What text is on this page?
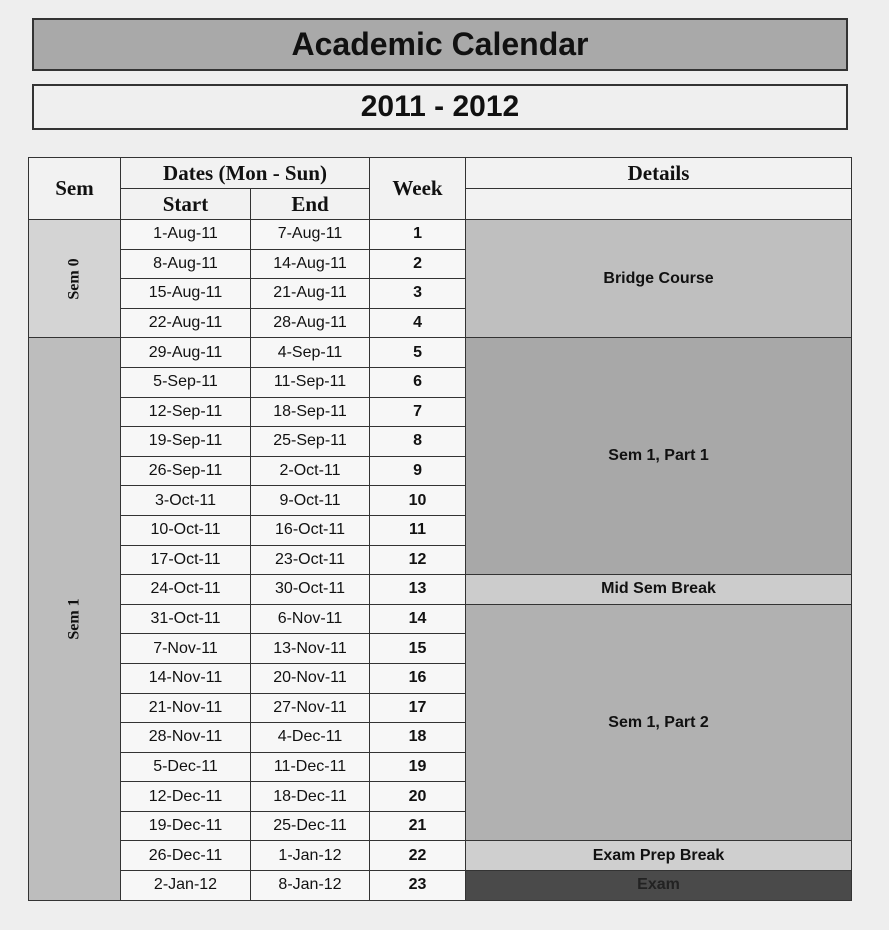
Academic Calendar
2011 - 2012
Sem	Dates (Mon - Sun)		Week	Details
	Start	End		
Sem 0	1-Aug-11	7-Aug-11	1	Bridge Course
	8-Aug-11	14-Aug-11	2	
	15-Aug-11	21-Aug-11	3	
	22-Aug-11	28-Aug-11	4	
Sem 1	29-Aug-11	4-Sep-11	5	Sem 1, Part 1
	5-Sep-11	11-Sep-11	6	
	12-Sep-11	18-Sep-11	7	
	19-Sep-11	25-Sep-11	8	
	26-Sep-11	2-Oct-11	9	
	3-Oct-11	9-Oct-11	10	
	10-Oct-11	16-Oct-11	11	
	17-Oct-11	23-Oct-11	12	
	24-Oct-11	30-Oct-11	13	Mid Sem Break
	31-Oct-11	6-Nov-11	14	Sem 1, Part 2
	7-Nov-11	13-Nov-11	15	
	14-Nov-11	20-Nov-11	16	
	21-Nov-11	27-Nov-11	17	
	28-Nov-11	4-Dec-11	18	
	5-Dec-11	11-Dec-11	19	
	12-Dec-11	18-Dec-11	20	
	19-Dec-11	25-Dec-11	21	
	26-Dec-11	1-Jan-12	22	Exam Prep Break
	2-Jan-12	8-Jan-12	23	Exam
